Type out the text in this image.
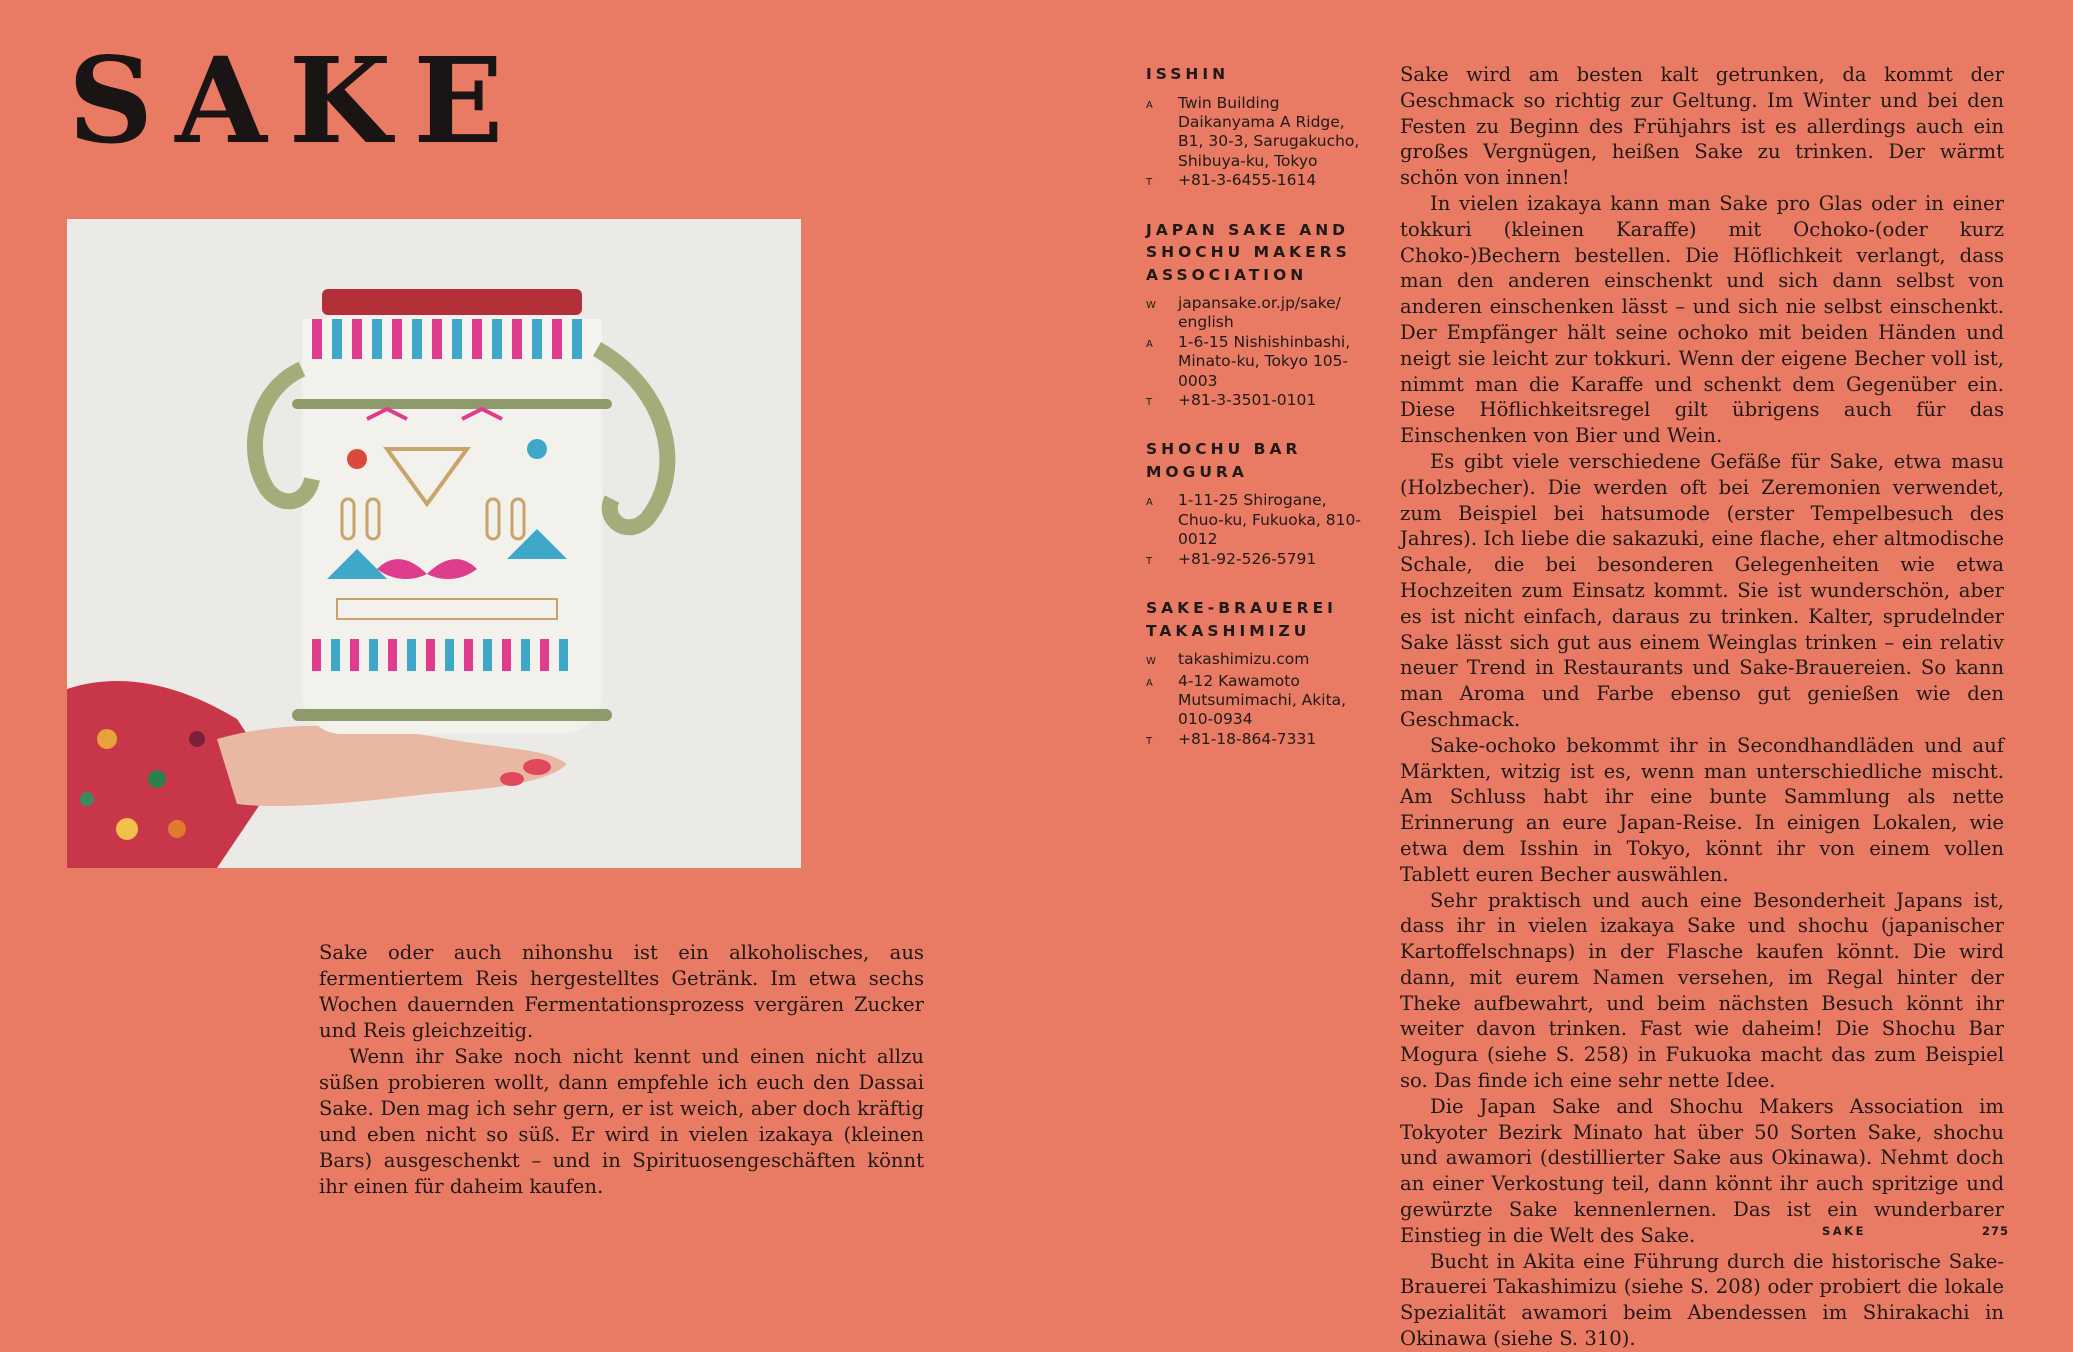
SAKE

Sake oder auch nihonshu ist ein alkoholisches, aus fermentiertem Reis hergestelltes Getränk. Im etwa sechs Wochen dauernden Fermentationsprozess vergären Zucker und Reis gleichzeitig.

Wenn ihr Sake noch nicht kennt und einen nicht allzu süßen probieren wollt, dann empfehle ich euch den Dassai Sake. Den mag ich sehr gern, er ist weich, aber doch kräftig und eben nicht so süß. Er wird in vielen izakaya (kleinen Bars) ausgeschenkt – und in Spirituosengeschäften könnt ihr einen für daheim kaufen.

ISSHIN
A	Twin Building Daikanyama A Ridge, B1, 30-3, Sarugakucho, Shibuya-ku, Tokyo
T	+81-3-6455-1614
JAPAN SAKE AND SHOCHU MAKERS ASSOCIATION
W	japansake.or.jp/sake/ english
A	1-6-15 Nishishinbashi, Minato-ku, Tokyo 105-0003
T	+81-3-3501-0101
SHOCHU BAR MOGURA
A	1-11-25 Shirogane, Chuo-ku, Fukuoka, 810-0012
T	+81-92-526-5791
SAKE-BRAUEREI TAKASHIMIZU
W	takashimizu.com
A	4-12 Kawamoto Mutsumimachi, Akita, 010-0934
T	+81-18-864-7331

Sake wird am besten kalt getrunken, da kommt der Geschmack so richtig zur Geltung. Im Winter und bei den Festen zu Beginn des Frühjahrs ist es allerdings auch ein großes Vergnügen, heißen Sake zu trinken. Der wärmt schön von innen!

In vielen izakaya kann man Sake pro Glas oder in einer tokkuri (kleinen Karaffe) mit Ochoko-(oder kurz Choko-)Bechern bestellen. Die Höflichkeit verlangt, dass man den anderen einschenkt und sich dann selbst von anderen einschenken lässt – und sich nie selbst einschenkt. Der Empfänger hält seine ochoko mit beiden Händen und neigt sie leicht zur tokkuri. Wenn der eigene Becher voll ist, nimmt man die Karaffe und schenkt dem Gegenüber ein. Diese Höflichkeitsregel gilt übrigens auch für das Einschenken von Bier und Wein.

Es gibt viele verschiedene Gefäße für Sake, etwa masu (Holzbecher). Die werden oft bei Zeremonien verwendet, zum Beispiel bei hatsumode (erster Tempelbesuch des Jahres). Ich liebe die sakazuki, eine flache, eher altmodische Schale, die bei besonderen Gelegenheiten wie etwa Hochzeiten zum Einsatz kommt. Sie ist wunderschön, aber es ist nicht einfach, daraus zu trinken. Kalter, sprudelnder Sake lässt sich gut aus einem Weinglas trinken – ein relativ neuer Trend in Restaurants und Sake-Brauereien. So kann man Aroma und Farbe ebenso gut genießen wie den Geschmack.

Sake-ochoko bekommt ihr in Secondhandläden und auf Märkten, witzig ist es, wenn man unterschiedliche mischt. Am Schluss habt ihr eine bunte Sammlung als nette Erinnerung an eure Japan-Reise. In einigen Lokalen, wie etwa dem Isshin in Tokyo, könnt ihr von einem vollen Tablett euren Becher auswählen.

Sehr praktisch und auch eine Besonderheit Japans ist, dass ihr in vielen izakaya Sake und shochu (japanischer Kartoffelschnaps) in der Flasche kaufen könnt. Die wird dann, mit eurem Namen versehen, im Regal hinter der Theke aufbewahrt, und beim nächsten Besuch könnt ihr weiter davon trinken. Fast wie daheim! Die Shochu Bar Mogura (siehe S. 258) in Fukuoka macht das zum Beispiel so. Das finde ich eine sehr nette Idee.

Die Japan Sake and Shochu Makers Association im Tokyoter Bezirk Minato hat über 50 Sorten Sake, shochu und awamori (destillierter Sake aus Okinawa). Nehmt doch an einer Verkostung teil, dann könnt ihr auch spritzige und gewürzte Sake kennenlernen. Das ist ein wunderbarer Einstieg in die Welt des Sake.

Bucht in Akita eine Führung durch die historische Sake-Brauerei Takashimizu (siehe S. 208) oder probiert die lokale Spezialität awamori beim Abendessen im Shirakachi in Okinawa (siehe S. 310).

SAKE	275
